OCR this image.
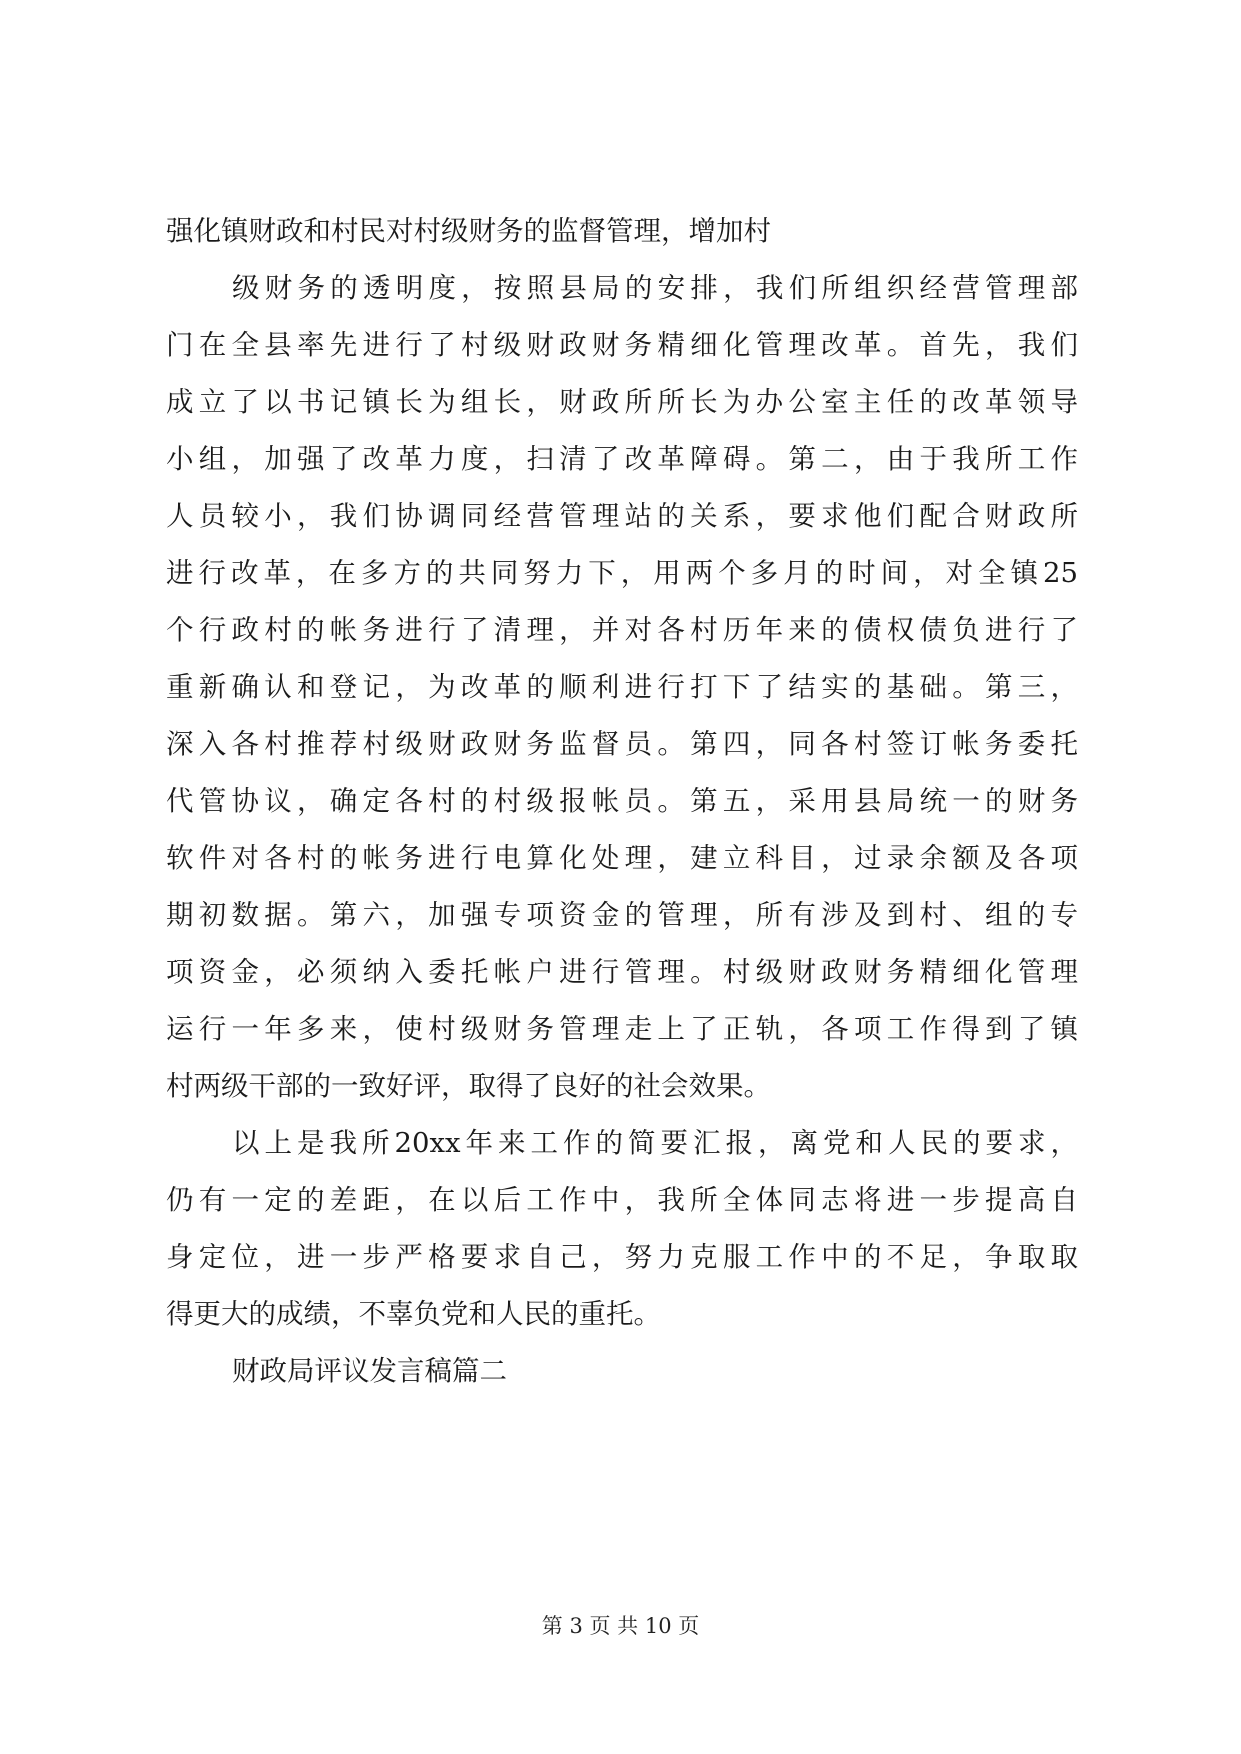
强化镇财政和村民对村级财务的监督管理，增加村
级财务的透明度，按照县局的安排，我们所组织经营管理部
门在全县率先进行了村级财政财务精细化管理改革。首先，我们
成立了以书记镇长为组长，财政所所长为办公室主任的改革领导
小组，加强了改革力度，扫清了改革障碍。第二，由于我所工作
人员较小，我们协调同经营管理站的关系，要求他们配合财政所
进行改革，在多方的共同努力下，用两个多月的时间，对全镇25
个行政村的帐务进行了清理，并对各村历年来的债权债负进行了
重新确认和登记，为改革的顺利进行打下了结实的基础。第三，
深入各村推荐村级财政财务监督员。第四，同各村签订帐务委托
代管协议，确定各村的村级报帐员。第五，采用县局统一的财务
软件对各村的帐务进行电算化处理，建立科目，过录余额及各项
期初数据。第六，加强专项资金的管理，所有涉及到村、组的专
项资金，必须纳入委托帐户进行管理。村级财政财务精细化管理
运行一年多来，使村级财务管理走上了正轨，各项工作得到了镇
村两级干部的一致好评，取得了良好的社会效果。
以上是我所20xx年来工作的简要汇报，离党和人民的要求，
仍有一定的差距，在以后工作中，我所全体同志将进一步提高自
身定位，进一步严格要求自己，努力克服工作中的不足，争取取
得更大的成绩，不辜负党和人民的重托。
财政局评议发言稿篇二
第 3 页 共 10 页
